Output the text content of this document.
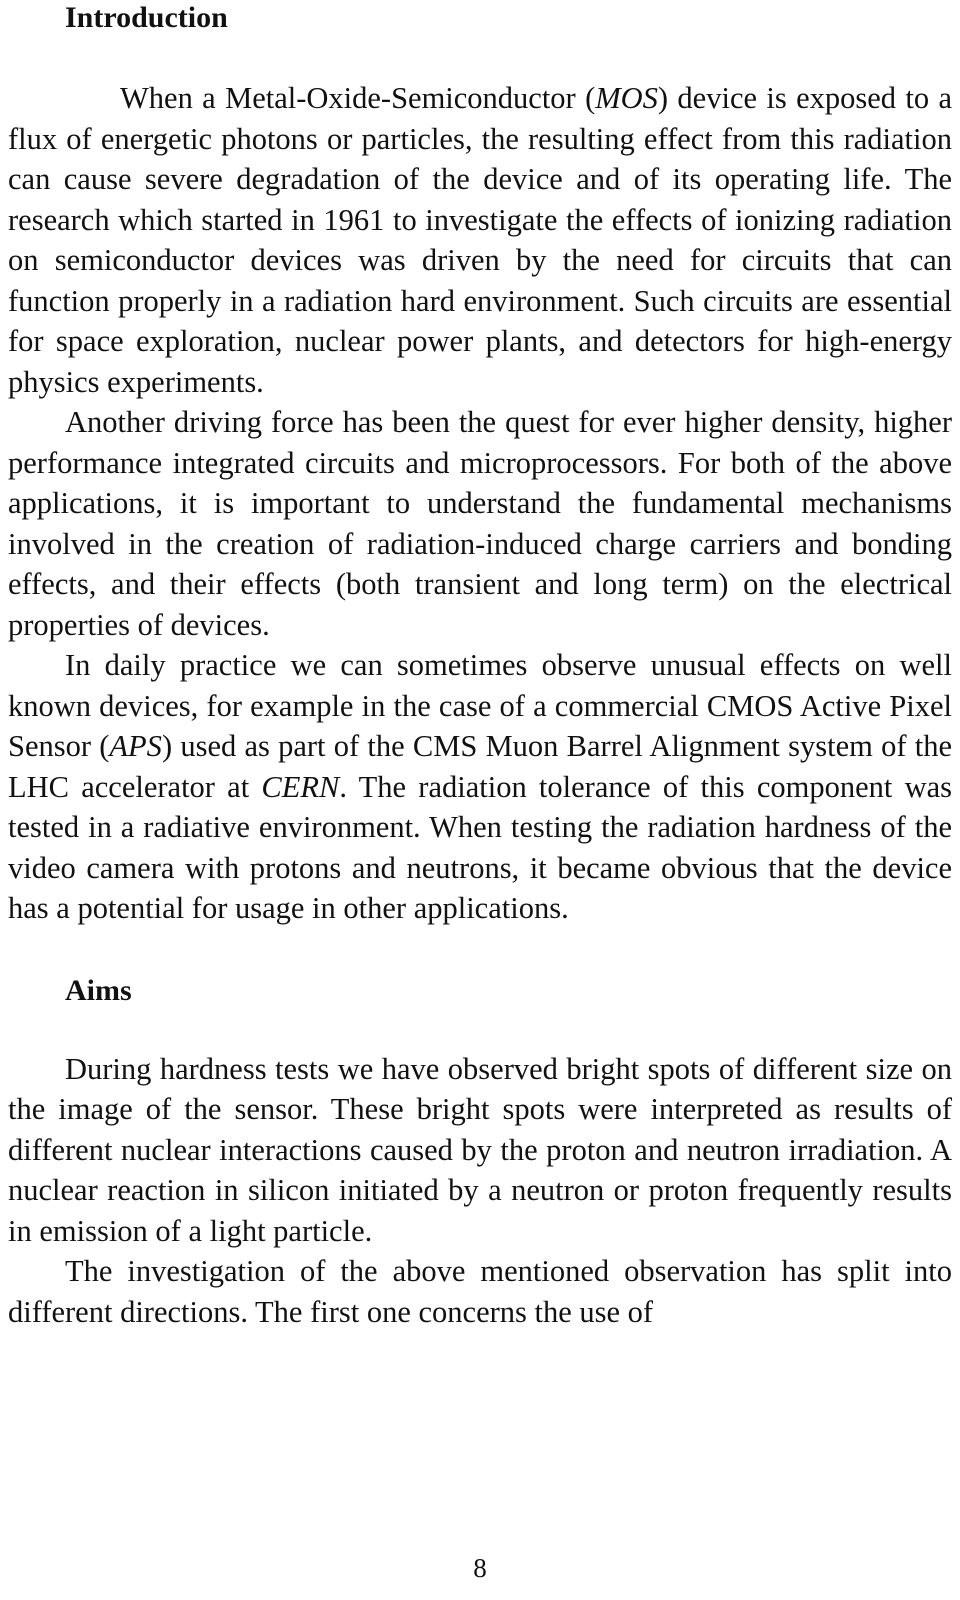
Introduction

When a Metal-Oxide-Semiconductor (MOS) device is exposed to a flux of energetic photons or particles, the resulting effect from this radiation can cause severe degradation of the device and of its operating life. The research which started in 1961 to investigate the effects of ionizing radiation on semiconductor devices was driven by the need for circuits that can function properly in a radiation hard environment. Such circuits are essential for space exploration, nuclear power plants, and detectors for high-energy physics experiments.

Another driving force has been the quest for ever higher density, higher performance integrated circuits and microprocessors. For both of the above applications, it is important to understand the fundamental mechanisms involved in the creation of radiation-induced charge carriers and bonding effects, and their effects (both transient and long term) on the electrical properties of devices.

In daily practice we can sometimes observe unusual effects on well known devices, for example in the case of a commercial CMOS Active Pixel Sensor (APS) used as part of the CMS Muon Barrel Alignment system of the LHC accelerator at CERN. The radiation tolerance of this component was tested in a radiative environment. When testing the radiation hardness of the video camera with protons and neutrons, it became obvious that the device has a potential for usage in other applications.

Aims

During hardness tests we have observed bright spots of different size on the image of the sensor. These bright spots were interpreted as results of different nuclear interactions caused by the proton and neutron irradiation. A nuclear reaction in silicon initiated by a neutron or proton frequently results in emission of a light particle.

The investigation of the above mentioned observation has split into different directions. The first one concerns the use of

8
